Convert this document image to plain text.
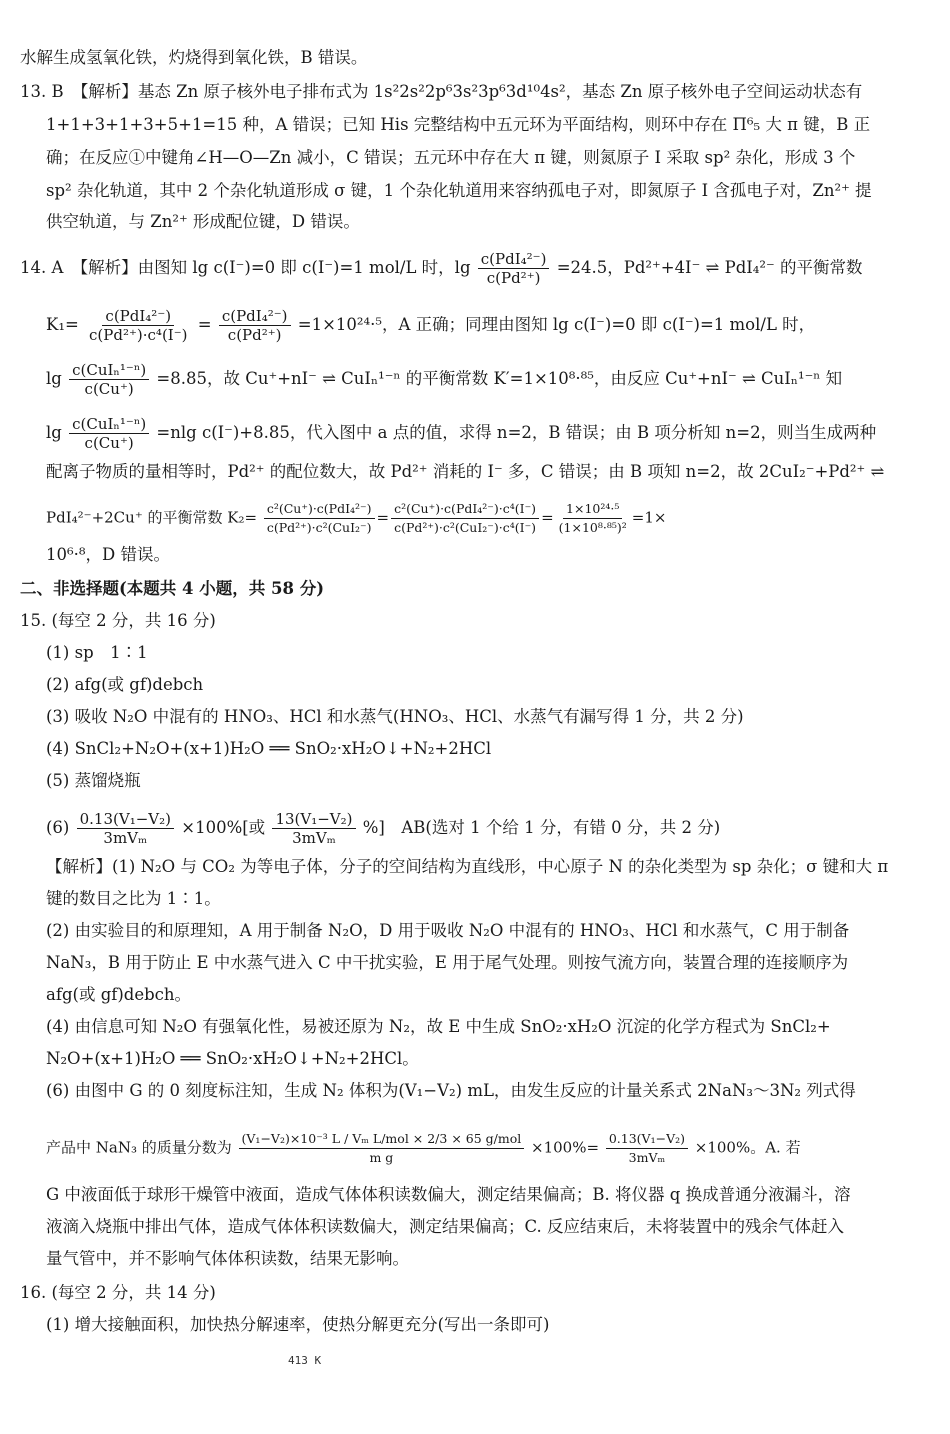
水解生成氢氧化铁，灼烧得到氧化铁，B 错误。
13. B　【解析】基态 Zn 原子核外电子排布式为 1s²2s²2p⁶3s²3p⁶3d¹⁰4s²，基态 Zn 原子核外电子空间运动状态有
1+1+3+1+3+5+1=15 种，A 错误；已知 His 完整结构中五元环为平面结构，则环中存在 Π⁶₅ 大 π 键，B 正
确；在反应①中键角∠H—O—Zn 减小，C 错误；五元环中存在大 π 键，则氮原子 Ⅰ 采取 sp² 杂化，形成 3 个
sp² 杂化轨道，其中 2 个杂化轨道形成 σ 键，1 个杂化轨道用来容纳孤电子对，即氮原子 Ⅰ 含孤电子对，Zn²⁺ 提
供空轨道，与 Zn²⁺ 形成配位键，D 错误。
14. A　【解析】由图知 lg c(I⁻)=0 即 c(I⁻)=1 mol/L 时，lg c(PdI₄²⁻)
c(Pd²⁺)
=24.5，Pd²⁺+4I⁻ ⇌ PdI₄²⁻ 的平衡常数
K₁= c(PdI₄²⁻)
c(Pd²⁺)·c⁴(I⁻)
= c(PdI₄²⁻)
c(Pd²⁺)
=1×10²⁴·⁵，A 正确；同理由图知 lg c(I⁻)=0 即 c(I⁻)=1 mol/L 时，
lg c(CuIₙ¹⁻ⁿ)
c(Cu⁺)
=8.85，故 Cu⁺+nI⁻ ⇌ CuIₙ¹⁻ⁿ 的平衡常数 K′=1×10⁸·⁸⁵，由反应 Cu⁺+nI⁻ ⇌ CuIₙ¹⁻ⁿ 知
lg c(CuIₙ¹⁻ⁿ)
c(Cu⁺)
=nlg c(I⁻)+8.85，代入图中 a 点的值，求得 n=2，B 错误；由 B 项分析知 n=2，则当生成两种
配离子物质的量相等时，Pd²⁺ 的配位数大，故 Pd²⁺ 消耗的 I⁻ 多，C 错误；由 B 项知 n=2，故 2CuI₂⁻+Pd²⁺ ⇌
PdI₄²⁻+2Cu⁺ 的平衡常数 K₂= c²(Cu⁺)·c(PdI₄²⁻)
c(Pd²⁺)·c²(CuI₂⁻)
= c²(Cu⁺)·c(PdI₄²⁻)·c⁴(I⁻)
c(Pd²⁺)·c²(CuI₂⁻)·c⁴(I⁻)
= $\frac{\text{1×10²⁴·⁵}}{\text{(1×10⁸·⁸⁵)²}} =1\times$
10⁶·⁸，D 错误。
二、非选择题(本题共 4 小题，共 58 分)
15. (每空 2 分，共 16 分)
(1) sp　1∶1
(2) afg(或 gf)debch
(3) 吸收 N₂O 中混有的 HNO₃、HCl 和水蒸气(HNO₃、HCl、水蒸气有漏写得 1 分，共 2 分)
(4) SnCl₂+N₂O+(x+1)H₂O ══ SnO₂·xH₂O↓+N₂+2HCl
(5) 蒸馏烧瓶
(6) 0.13(V₁−V₂)
3mVₘ
×100%[或 13(V₁−V₂)
3mVₘ
%]　AB(选对 1 个给 1 分，有错 0 分，共 2 分)
【解析】(1) N₂O 与 CO₂ 为等电子体，分子的空间结构为直线形，中心原子 N 的杂化类型为 sp 杂化；σ 键和大 π
键的数目之比为 1∶1。
(2) 由实验目的和原理知，A 用于制备 N₂O，D 用于吸收 N₂O 中混有的 HNO₃、HCl 和水蒸气，C 用于制备
NaN₃，B 用于防止 E 中水蒸气进入 C 中干扰实验，E 用于尾气处理。则按气流方向，装置合理的连接顺序为
afg(或 gf)debch。
(4) 由信息可知 N₂O 有强氧化性，易被还原为 N₂，故 E 中生成 SnO₂·xH₂O 沉淀的化学方程式为 SnCl₂+
N₂O+(x+1)H₂O ══ SnO₂·xH₂O↓+N₂+2HCl。
(6) 由图中 G 的 0 刻度标注知，生成 N₂ 体积为(V₁−V₂) mL，由发生反应的计量关系式 2NaN₃～3N₂ 列式得
产品中 NaN₃ 的质量分数为 (V₁−V₂)×10⁻³ L / Vₘ L/mol × 2/3 × 65 g/mol
m g
×100%= 0.13(V₁−V₂)
3mVₘ
×100%。A. 若
G 中液面低于球形干燥管中液面，造成气体体积读数偏大，测定结果偏高；B. 将仪器 q 换成普通分液漏斗，溶
液滴入烧瓶中排出气体，造成气体体积读数偏大，测定结果偏高；C. 反应结束后，未将装置中的残余气体赶入
量气管中，并不影响气体体积读数，结果无影响。
16. (每空 2 分，共 14 分)
(1) 增大接触面积，加快热分解速率，使热分解更充分(写出一条即可)
413 K
